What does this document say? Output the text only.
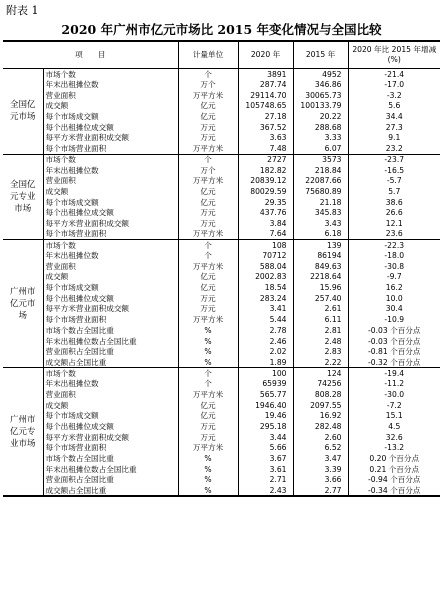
附表 1
2020 年广州市亿元市场比 2015 年变化情况与全国比较
项　　目		计量单位	2020 年	2015 年	2020 年比 2015 年增减(%)
全国亿元市场	市场个数	个	3891	4952	-21.4
	年末出租摊位数	万个	287.74	346.86	-17.0
	营业面积	万平方米	29114.70	30065.73	-3.2
	成交额	亿元	105748.65	100133.79	5.6
	每个市场成交额	亿元	27.18	20.22	34.4
	每个出租摊位成交额	万元	367.52	288.68	27.3
	每平方米营业面积成交额	万元	3.63	3.33	9.1
	每个市场营业面积	万平方米	7.48	6.07	23.2
全国亿元专业市场	市场个数	个	2727	3573	-23.7
	年末出租摊位数	万个	182.82	218.84	-16.5
	营业面积	万平方米	20839.12	22087.66	-5.7
	成交额	亿元	80029.59	75680.89	5.7
	每个市场成交额	亿元	29.35	21.18	38.6
	每个出租摊位成交额	万元	437.76	345.83	26.6
	每平方米营业面积成交额	万元	3.84	3.43	12.1
	每个市场营业面积	万平方米	7.64	6.18	23.6
广州市亿元市场	市场个数	个	108	139	-22.3
	年末出租摊位数	个	70712	86194	-18.0
	营业面积	万平方米	588.04	849.63	-30.8
	成交额	亿元	2002.83	2218.64	-9.7
	每个市场成交额	亿元	18.54	15.96	16.2
	每个出租摊位成交额	万元	283.24	257.40	10.0
	每平方米营业面积成交额	万元	3.41	2.61	30.4
	每个市场营业面积	万平方米	5.44	6.11	-10.9
	市场个数占全国比重	%	2.78	2.81	-0.03 个百分点
	年末出租摊位数占全国比重	%	2.46	2.48	-0.03 个百分点
	营业面积占全国比重	%	2.02	2.83	-0.81 个百分点
	成交额占全国比重	%	1.89	2.22	-0.32 个百分点
广州市亿元专业市场	市场个数	个	100	124	-19.4
	年末出租摊位数	个	65939	74256	-11.2
	营业面积	万平方米	565.77	808.28	-30.0
	成交额	亿元	1946.40	2097.55	-7.2
	每个市场成交额	亿元	19.46	16.92	15.1
	每个出租摊位成交额	万元	295.18	282.48	4.5
	每平方米营业面积成交额	万元	3.44	2.60	32.6
	每个市场营业面积	万平方米	5.66	6.52	-13.2
	市场个数占全国比重	%	3.67	3.47	0.20 个百分点
	年末出租摊位数占全国比重	%	3.61	3.39	0.21 个百分点
	营业面积占全国比重	%	2.71	3.66	-0.94 个百分点
	成交额占全国比重	%	2.43	2.77	-0.34 个百分点
